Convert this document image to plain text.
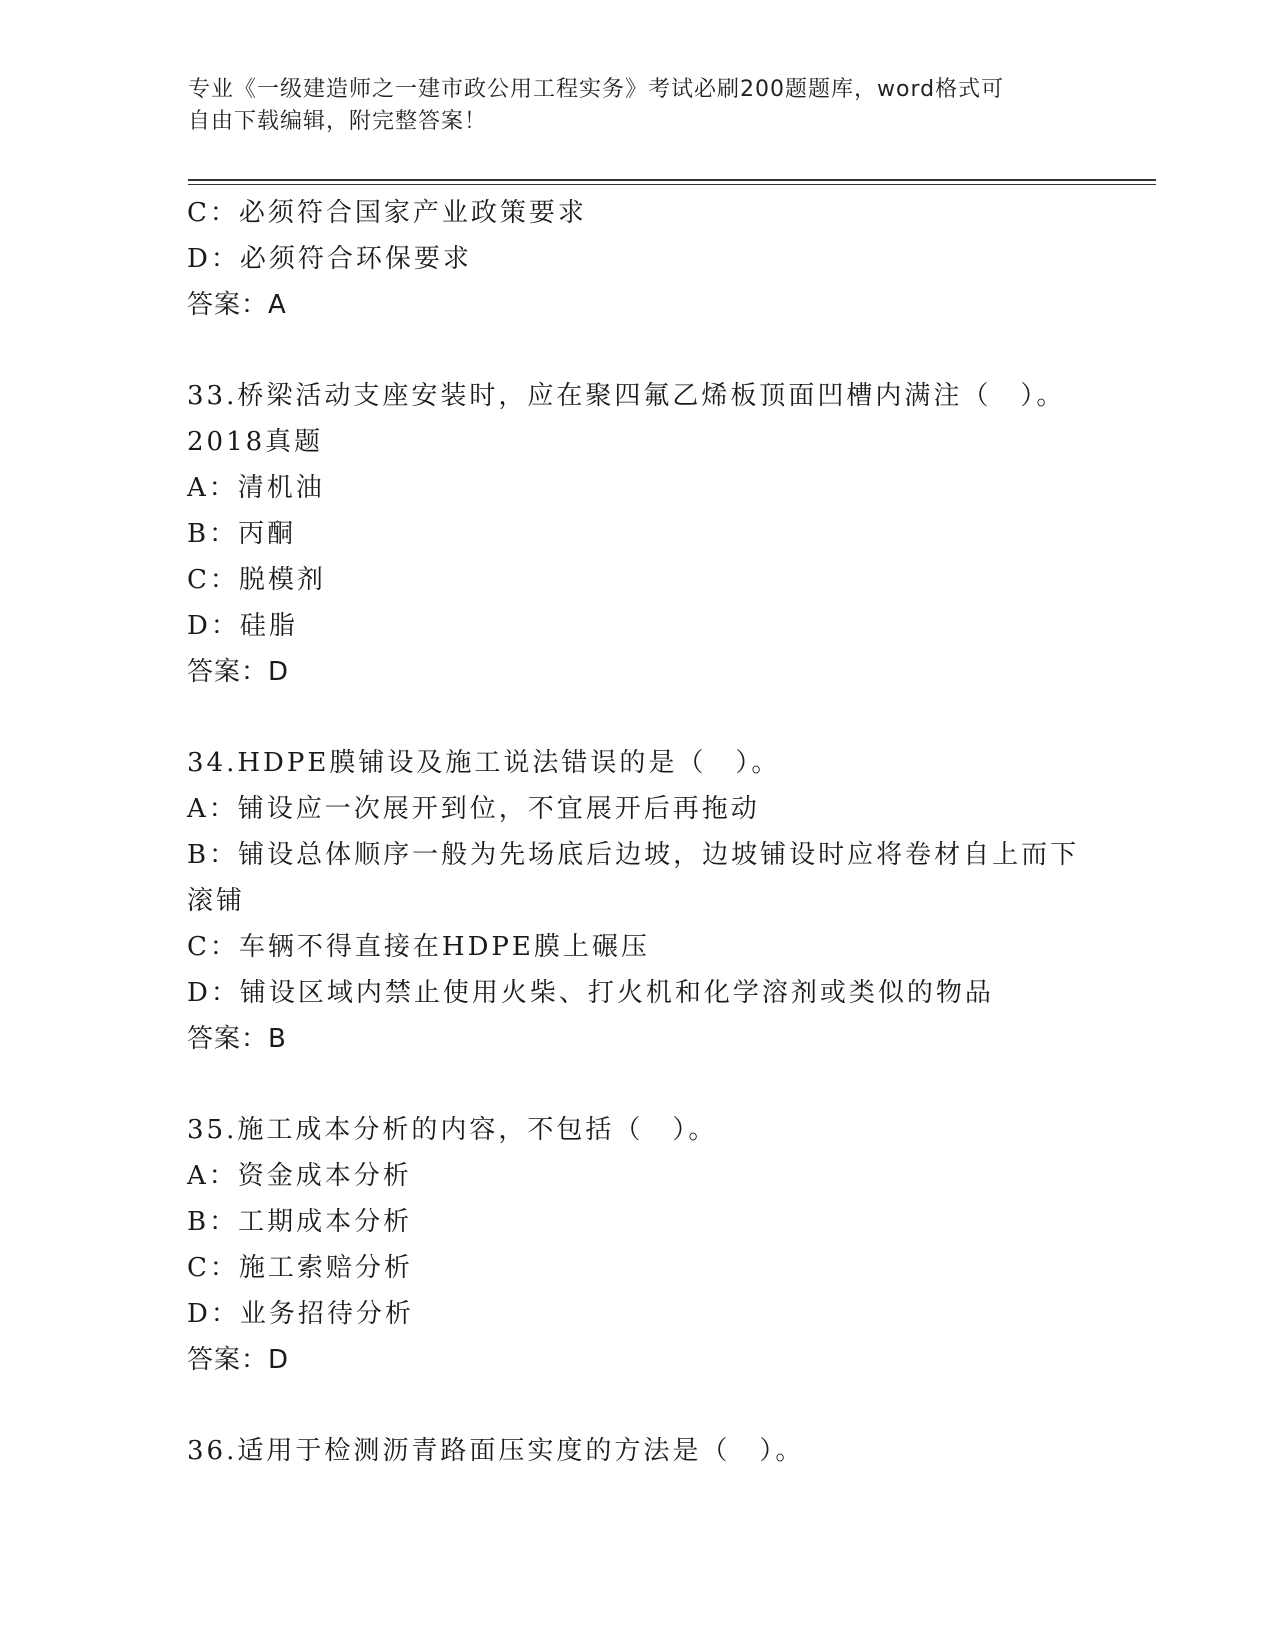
专业《一级建造师之一建市政公用工程实务》考试必刷200题题库，word格式可
自由下载编辑，附完整答案！
C：必须符合国家产业政策要求
D：必须符合环保要求
答案：A
33.桥梁活动支座安装时，应在聚四氟乙烯板顶面凹槽内满注（　）。
2018真题
A：清机油
B：丙酮
C：脱模剂
D：硅脂
答案：D
34.HDPE膜铺设及施工说法错误的是（　）。
A：铺设应一次展开到位，不宜展开后再拖动
B：铺设总体顺序一般为先场底后边坡，边坡铺设时应将卷材自上而下
滚铺
C：车辆不得直接在HDPE膜上碾压
D：铺设区域内禁止使用火柴、打火机和化学溶剂或类似的物品
答案：B
35.施工成本分析的内容，不包括（　）。
A：资金成本分析
B：工期成本分析
C：施工索赔分析
D：业务招待分析
答案：D
36.适用于检测沥青路面压实度的方法是（　）。
